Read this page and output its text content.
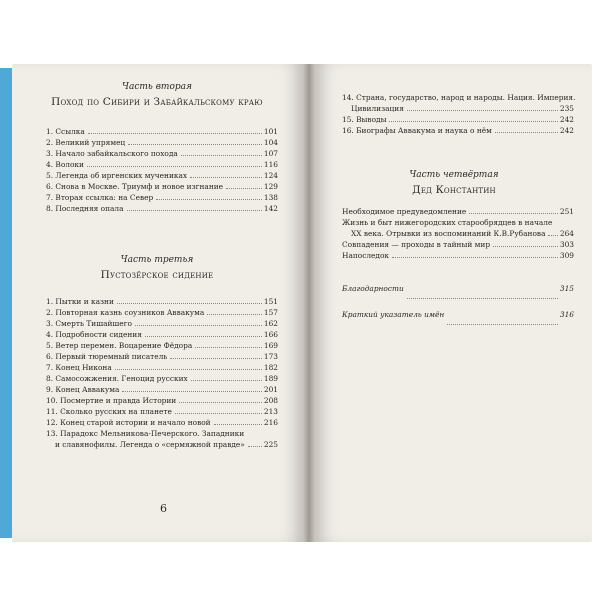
Часть вторая
Поход по Сибири и Забайкальскому краю
1. Ссылка	101
2. Великий упрямец	104
3. Начало забайкальского похода	107
4. Волоки	116
5. Легенда об иргенских мучениках	124
6. Снова в Москве. Триумф и новое изгнание	129
7. Вторая ссылка: на Север	138
8. Последняя опала	142
Часть третья
Пустозёрское сидение
1. Пытки и казни	151
2. Повторная казнь соузников Аввакума	157
3. Смерть Тишайшего	162
4. Подробности сидения	166
5. Ветер перемен. Воцарение Фёдора	169
6. Первый тюремный писатель	173
7. Конец Никона	182
8. Самосожжения. Геноцид русских	189
9. Конец Аввакума	201
10. Посмертие и правда Истории	208
11. Сколько русских на планете	213
12. Конец старой истории и начало новой	216
13. Парадокс Мельникова-Печерского. Западники
и славянофилы. Легенда о «сермяжной правде»	225
6
14. Страна, государство, народ и народы. Нация. Империя.
Цивилизация	235
15. Выводы	242
16. Биографы Аввакума и наука о нём	242
Часть четвёртая
Дед Константин
Необходимое предуведомление	251
Жизнь и быт нижегородских старообрядцев в начале
XX века. Отрывки из воспоминаний К.В.Рубанова 264
Совпадения — проходы в тайный мир	303
Напоследок	309
Благодарности	315
Краткий указатель имён	316
